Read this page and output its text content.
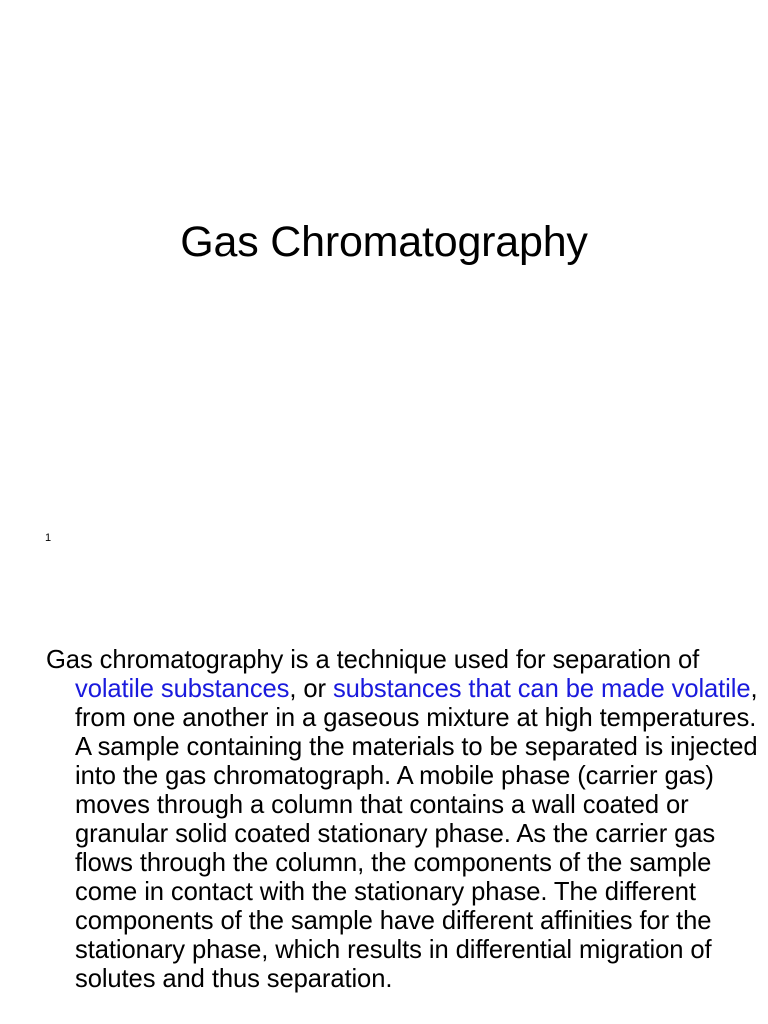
Gas Chromatography
1

Gas chromatography is a technique used for separation of volatile substances, or substances that can be made volatile, from one another in a gaseous mixture at high temperatures. A sample containing the materials to be separated is injected into the gas chromatograph. A mobile phase (carrier gas) moves through a column that contains a wall coated or granular solid coated stationary phase. As the carrier gas flows through the column, the components of the sample come in contact with the stationary phase. The different components of the sample have different affinities for the stationary phase, which results in differential migration of solutes and thus separation.
